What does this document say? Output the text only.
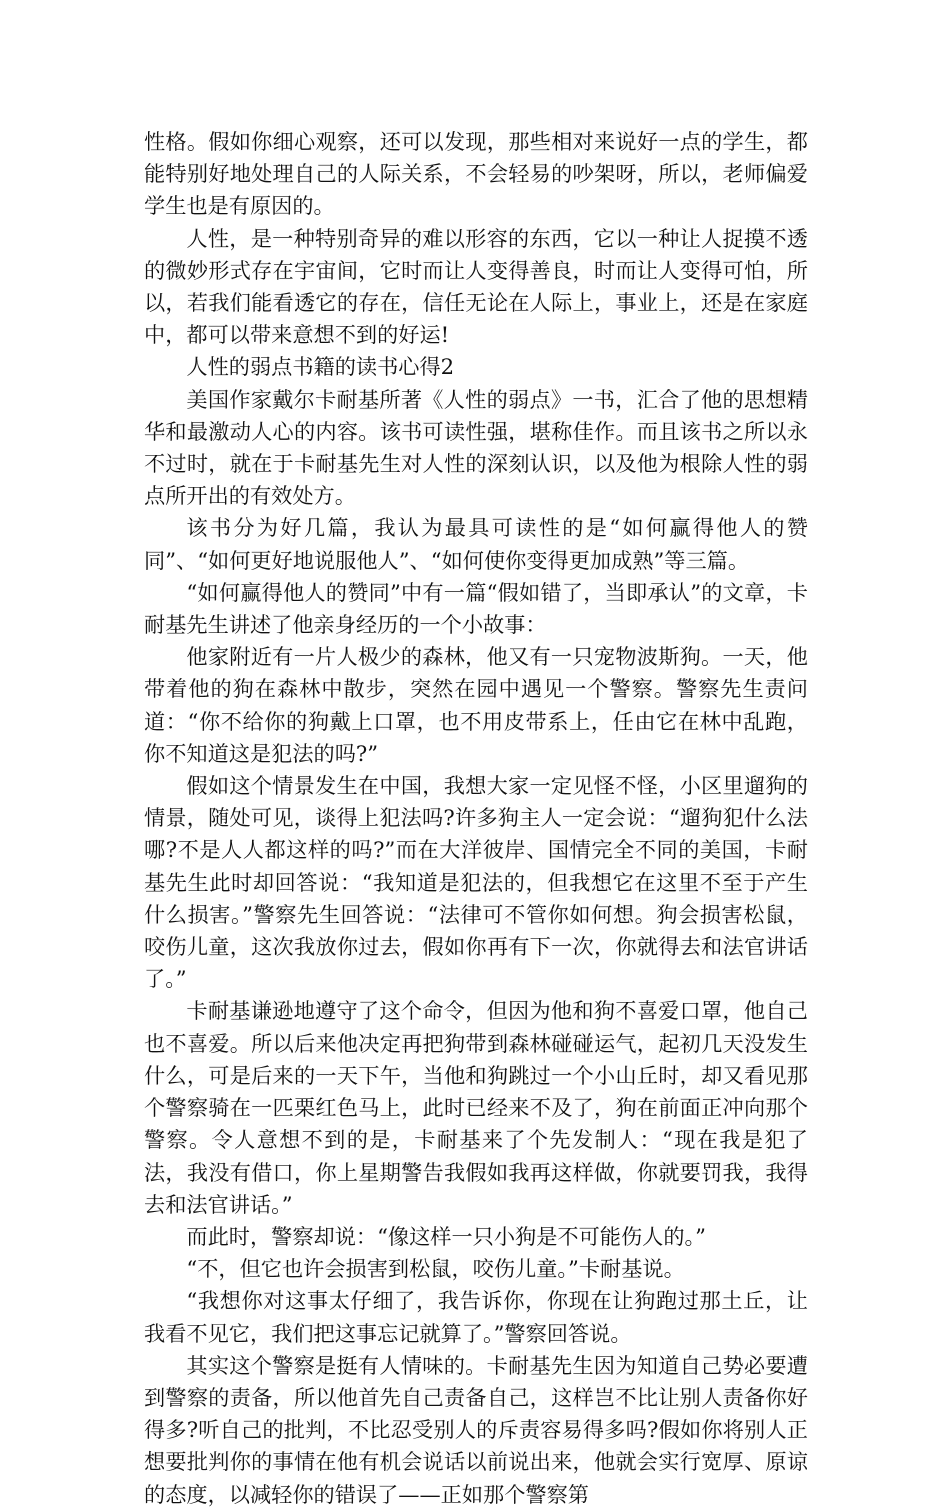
性格。假如你细心观察，还可以发现，那些相对来说好一点的学生，都能特别好地处理自己的人际关系，不会轻易的吵架呀，所以，老师偏爱学生也是有原因的。

人性，是一种特别奇异的难以形容的东西，它以一种让人捉摸不透的微妙形式存在宇宙间，它时而让人变得善良，时而让人变得可怕，所以，若我们能看透它的存在，信任无论在人际上，事业上，还是在家庭中，都可以带来意想不到的好运!

人性的弱点书籍的读书心得2

美国作家戴尔卡耐基所著《人性的弱点》一书，汇合了他的思想精华和最激动人心的内容。该书可读性强，堪称佳作。而且该书之所以永不过时，就在于卡耐基先生对人性的深刻认识，以及他为根除人性的弱点所开出的有效处方。

该书分为好几篇，我认为最具可读性的是“如何赢得他人的赞同”、“如何更好地说服他人”、“如何使你变得更加成熟”等三篇。

“如何赢得他人的赞同”中有一篇“假如错了，当即承认”的文章，卡耐基先生讲述了他亲身经历的一个小故事：

他家附近有一片人极少的森林，他又有一只宠物波斯狗。一天，他带着他的狗在森林中散步，突然在园中遇见一个警察。警察先生责问道：“你不给你的狗戴上口罩，也不用皮带系上，任由它在林中乱跑，你不知道这是犯法的吗?”

假如这个情景发生在中国，我想大家一定见怪不怪，小区里遛狗的情景，随处可见，谈得上犯法吗?许多狗主人一定会说：“遛狗犯什么法哪?不是人人都这样的吗?”而在大洋彼岸、国情完全不同的美国，卡耐基先生此时却回答说：“我知道是犯法的，但我想它在这里不至于产生什么损害。”警察先生回答说：“法律可不管你如何想。狗会损害松鼠，咬伤儿童，这次我放你过去，假如你再有下一次，你就得去和法官讲话了。”

卡耐基谦逊地遵守了这个命令，但因为他和狗不喜爱口罩，他自己也不喜爱。所以后来他决定再把狗带到森林碰碰运气，起初几天没发生什么，可是后来的一天下午，当他和狗跳过一个小山丘时，却又看见那个警察骑在一匹栗红色马上，此时已经来不及了，狗在前面正冲向那个警察。令人意想不到的是，卡耐基来了个先发制人：“现在我是犯了法，我没有借口，你上星期警告我假如我再这样做，你就要罚我，我得去和法官讲话。”

而此时，警察却说：“像这样一只小狗是不可能伤人的。”

“不，但它也许会损害到松鼠，咬伤儿童。”卡耐基说。

“我想你对这事太仔细了，我告诉你，你现在让狗跑过那土丘，让我看不见它，我们把这事忘记就算了。”警察回答说。

其实这个警察是挺有人情味的。卡耐基先生因为知道自己势必要遭到警察的责备，所以他首先自己责备自己，这样岂不比让别人责备你好得多?听自己的批判，不比忍受别人的斥责容易得多吗?假如你将别人正想要批判你的事情在他有机会说话以前说出来，他就会实行宽厚、原谅的态度，以减轻你的错误了——正如那个警察第
